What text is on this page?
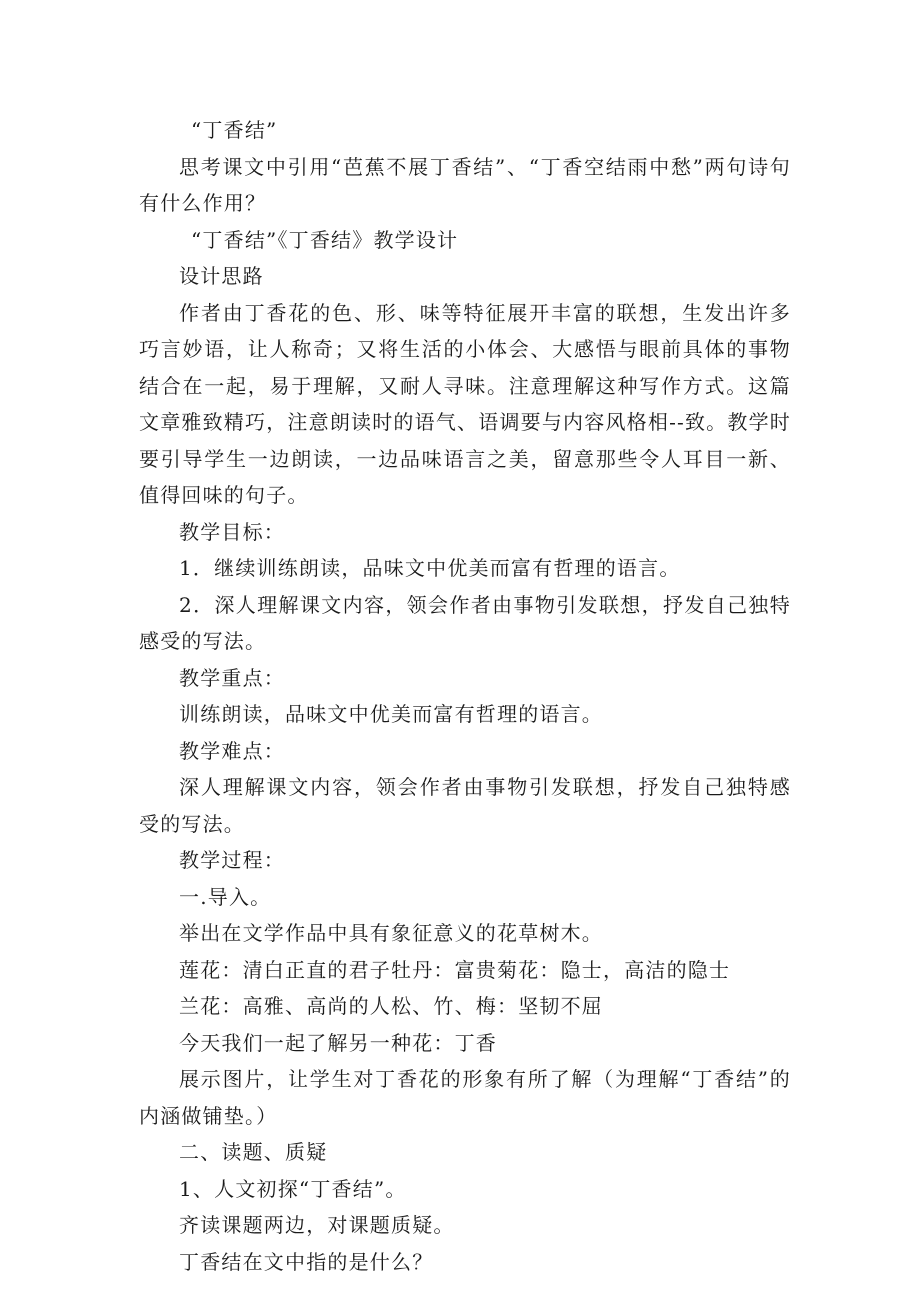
“丁香结”

思考课文中引用“芭蕉不展丁香结”、“丁香空结雨中愁”两句诗句有什么作用？

“丁香结”《丁香结》教学设计

设计思路

作者由丁香花的色、形、味等特征展开丰富的联想，生发出许多巧言妙语，让人称奇；又将生活的小体会、大感悟与眼前具体的事物结合在一起，易于理解，又耐人寻味。注意理解这种写作方式。这篇文章雅致精巧，注意朗读时的语气、语调要与内容风格相--致。教学时要引导学生一边朗读，一边品味语言之美，留意那些令人耳目一新、值得回味的句子。

教学目标：

1．继续训练朗读，品味文中优美而富有哲理的语言。

2．深人理解课文内容，领会作者由事物引发联想，抒发自己独特感受的写法。

教学重点：

训练朗读，品味文中优美而富有哲理的语言。

教学难点：

深人理解课文内容，领会作者由事物引发联想，抒发自己独特感受的写法。

教学过程：

一.导入。

举出在文学作品中具有象征意义的花草树木。

莲花：清白正直的君子牡丹：富贵菊花：隐士，高洁的隐士

兰花：高雅、高尚的人松、竹、梅：坚韧不屈

今天我们一起了解另一种花：丁香

展示图片，让学生对丁香花的形象有所了解（为理解“丁香结”的内涵做铺垫。）

二、读题、质疑

1、人文初探“丁香结”。

齐读课题两边，对课题质疑。

丁香结在文中指的是什么？
